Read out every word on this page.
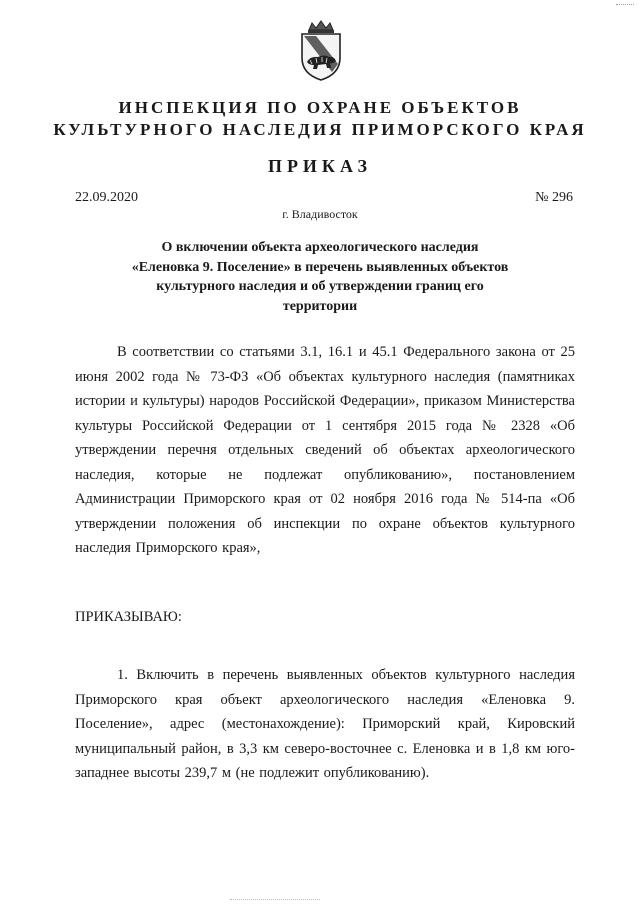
ИНСПЕКЦИЯ ПО ОХРАНЕ ОБЪЕКТОВ
КУЛЬТУРНОГО НАСЛЕДИЯ ПРИМОРСКОГО КРАЯ
ПРИКАЗ
22.09.2020	№ 296
г. Владивосток
О включении объекта археологического наследия «Еленовка 9. Поселение» в перечень выявленных объектов культурного наследия и об утверждении границ его территории
В соответствии со статьями 3.1, 16.1 и 45.1 Федерального закона от 25 июня 2002 года № 73-ФЗ «Об объектах культурного наследия (памятниках истории и культуры) народов Российской Федерации», приказом Министерства культуры Российской Федерации от 1 сентября 2015 года № 2328 «Об утверждении перечня отдельных сведений об объектах археологического наследия, которые не подлежат опубликованию», постановлением Администрации Приморского края от 02 ноября 2016 года № 514-па «Об утверждении положения об инспекции по охране объектов культурного наследия Приморского края»,
ПРИКАЗЫВАЮ:
1. Включить в перечень выявленных объектов культурного наследия Приморского края объект археологического наследия «Еленовка 9. Поселение», адрес (местонахождение): Приморский край, Кировский муниципальный район, в 3,3 км северо-восточнее с. Еленовка и в 1,8 км юго-западнее высоты 239,7 м (не подлежит опубликованию).
